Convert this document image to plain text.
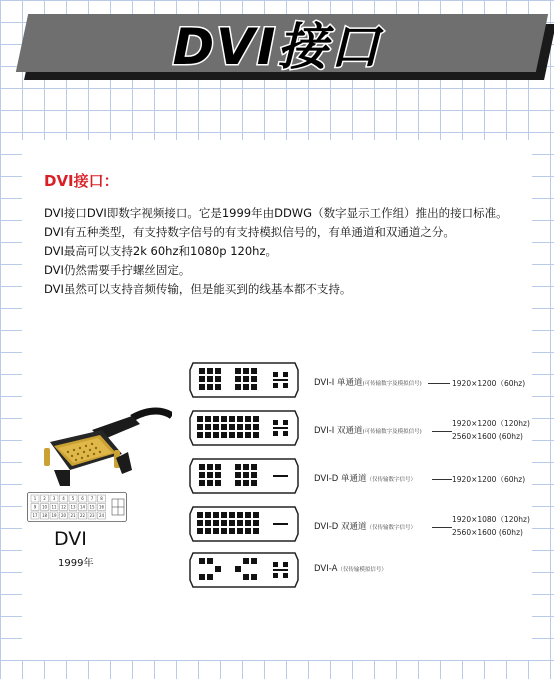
DVI接口
DVI接口：
DVI接口DVI即数字视频接口。它是1999年由DDWG（数字显示工作组）推出的接口标准。
DVI有五种类型，有支持数字信号的有支持模拟信号的，有单通道和双通道之分。
DVI最高可以支持2k 60hz和1080p 120hz。
DVI仍然需要手拧螺丝固定。
DVI虽然可以支持音频传输，但是能买到的线基本都不支持。
1 2 3 4 5 6 7 8
9 10 11 12 13 14 15 16
17 18 19 20 21 22 23 24
DVI
1999年
DVI-I 单通道(可传输数字及模拟信号)	1920×1200（60hz)
DVI-I 双通道(可传输数字及模拟信号)
1920×1200（120hz)
2560×1600 (60hz)
DVI-D 单通道（仅传输数字信号）	1920×1200（60hz)
DVI-D 双通道（仅传输数字信号）
1920×1080（120hz)
2560×1600 (60hz)
DVI-A（仅传输模拟信号）
